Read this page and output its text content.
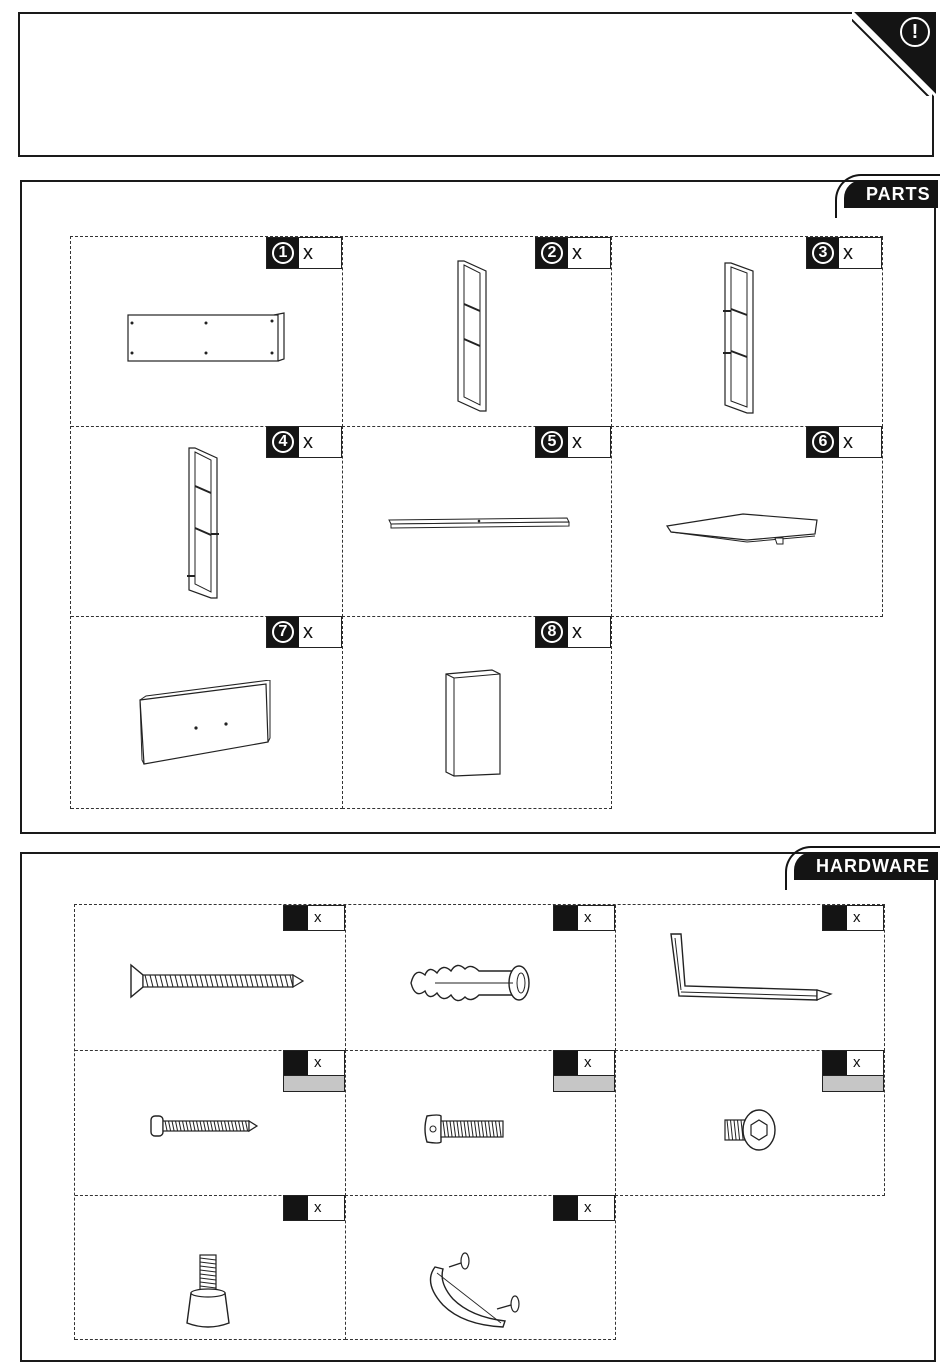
!
PARTS
1 x	2 x	3 x
4 x	5 x	6 x
7 x	8 x
HARDWARE
x	x	x
x	x	x
x	x
